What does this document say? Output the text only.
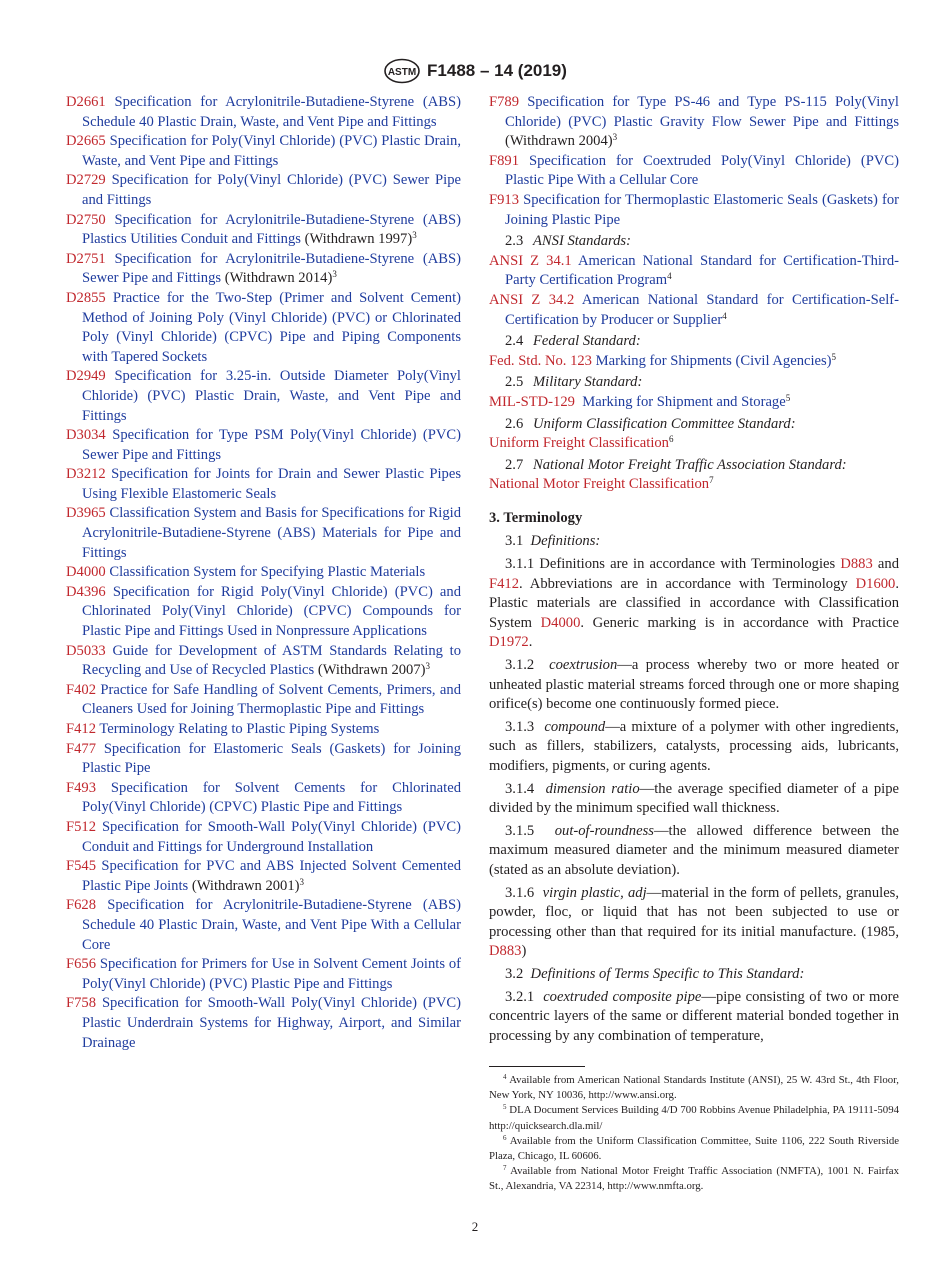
ASTM F1488 – 14 (2019)
D2661 Specification for Acrylonitrile-Butadiene-Styrene (ABS) Schedule 40 Plastic Drain, Waste, and Vent Pipe and Fittings
D2665 Specification for Poly(Vinyl Chloride) (PVC) Plastic Drain, Waste, and Vent Pipe and Fittings
D2729 Specification for Poly(Vinyl Chloride) (PVC) Sewer Pipe and Fittings
D2750 Specification for Acrylonitrile-Butadiene-Styrene (ABS) Plastics Utilities Conduit and Fittings (Withdrawn 1997)$^3$
D2751 Specification for Acrylonitrile-Butadiene-Styrene (ABS) Sewer Pipe and Fittings (Withdrawn 2014)$^3$
D2855 Practice for the Two-Step (Primer and Solvent Cement) Method of Joining Poly (Vinyl Chloride) (PVC) or Chlorinated Poly (Vinyl Chloride) (CPVC) Pipe and Piping Components with Tapered Sockets
D2949 Specification for 3.25-in. Outside Diameter Poly(Vinyl Chloride) (PVC) Plastic Drain, Waste, and Vent Pipe and Fittings
D3034 Specification for Type PSM Poly(Vinyl Chloride) (PVC) Sewer Pipe and Fittings
D3212 Specification for Joints for Drain and Sewer Plastic Pipes Using Flexible Elastomeric Seals
D3965 Classification System and Basis for Specifications for Rigid Acrylonitrile-Butadiene-Styrene (ABS) Materials for Pipe and Fittings
D4000 Classification System for Specifying Plastic Materials
D4396 Specification for Rigid Poly(Vinyl Chloride) (PVC) and Chlorinated Poly(Vinyl Chloride) (CPVC) Compounds for Plastic Pipe and Fittings Used in Nonpressure Applications
D5033 Guide for Development of ASTM Standards Relating to Recycling and Use of Recycled Plastics (Withdrawn 2007)$^3$
F402 Practice for Safe Handling of Solvent Cements, Primers, and Cleaners Used for Joining Thermoplastic Pipe and Fittings
F412 Terminology Relating to Plastic Piping Systems
F477 Specification for Elastomeric Seals (Gaskets) for Joining Plastic Pipe
F493 Specification for Solvent Cements for Chlorinated Poly(Vinyl Chloride) (CPVC) Plastic Pipe and Fittings
F512 Specification for Smooth-Wall Poly(Vinyl Chloride) (PVC) Conduit and Fittings for Underground Installation
F545 Specification for PVC and ABS Injected Solvent Cemented Plastic Pipe Joints (Withdrawn 2001)$^3$
F628 Specification for Acrylonitrile-Butadiene-Styrene (ABS) Schedule 40 Plastic Drain, Waste, and Vent Pipe With a Cellular Core
F656 Specification for Primers for Use in Solvent Cement Joints of Poly(Vinyl Chloride) (PVC) Plastic Pipe and Fittings
F758 Specification for Smooth-Wall Poly(Vinyl Chloride) (PVC) Plastic Underdrain Systems for Highway, Airport, and Similar Drainage
F789 Specification for Type PS-46 and Type PS-115 Poly(Vinyl Chloride) (PVC) Plastic Gravity Flow Sewer Pipe and Fittings (Withdrawn 2004)$^3$
F891 Specification for Coextruded Poly(Vinyl Chloride) (PVC) Plastic Pipe With a Cellular Core
F913 Specification for Thermoplastic Elastomeric Seals (Gaskets) for Joining Plastic Pipe
2.3 ANSI Standards:
ANSI Z 34.1 American National Standard for Certification-Third-Party Certification Program$^4$
ANSI Z 34.2 American National Standard for Certification-Self-Certification by Producer or Supplier$^4$
2.4 Federal Standard:
Fed. Std. No. 123 Marking for Shipments (Civil Agencies)$^5$
2.5 Military Standard:
MIL-STD-129 Marking for Shipment and Storage$^5$
2.6 Uniform Classification Committee Standard:
Uniform Freight Classification$^6$
2.7 National Motor Freight Traffic Association Standard:
National Motor Freight Classification$^7$
3. Terminology
3.1 Definitions:
3.1.1 Definitions are in accordance with Terminologies D883 and F412. Abbreviations are in accordance with Terminology D1600. Plastic materials are classified in accordance with Classification System D4000. Generic marking is in accordance with Practice D1972.
3.1.2 coextrusion—a process whereby two or more heated or unheated plastic material streams forced through one or more shaping orifice(s) become one continuously formed piece.
3.1.3 compound—a mixture of a polymer with other ingredients, such as fillers, stabilizers, catalysts, processing aids, lubricants, modifiers, pigments, or curing agents.
3.1.4 dimension ratio—the average specified diameter of a pipe divided by the minimum specified wall thickness.
3.1.5 out-of-roundness—the allowed difference between the maximum measured diameter and the minimum measured diameter (stated as an absolute deviation).
3.1.6 virgin plastic, adj—material in the form of pellets, granules, powder, floc, or liquid that has not been subjected to use or processing other than that required for its initial manufacture. (1985, D883)
3.2 Definitions of Terms Specific to This Standard:
3.2.1 coextruded composite pipe—pipe consisting of two or more concentric layers of the same or different material bonded together in processing by any combination of temperature,
$^4$ Available from American National Standards Institute (ANSI), 25 W. 43rd St., 4th Floor, New York, NY 10036, http://www.ansi.org.
$^5$ DLA Document Services Building 4/D 700 Robbins Avenue Philadelphia, PA 19111-5094 http://quicksearch.dla.mil/
$^6$ Available from the Uniform Classification Committee, Suite 1106, 222 South Riverside Plaza, Chicago, IL 60606.
$^7$ Available from National Motor Freight Traffic Association (NMFTA), 1001 N. Fairfax St., Alexandria, VA 22314, http://www.nmfta.org.
2
